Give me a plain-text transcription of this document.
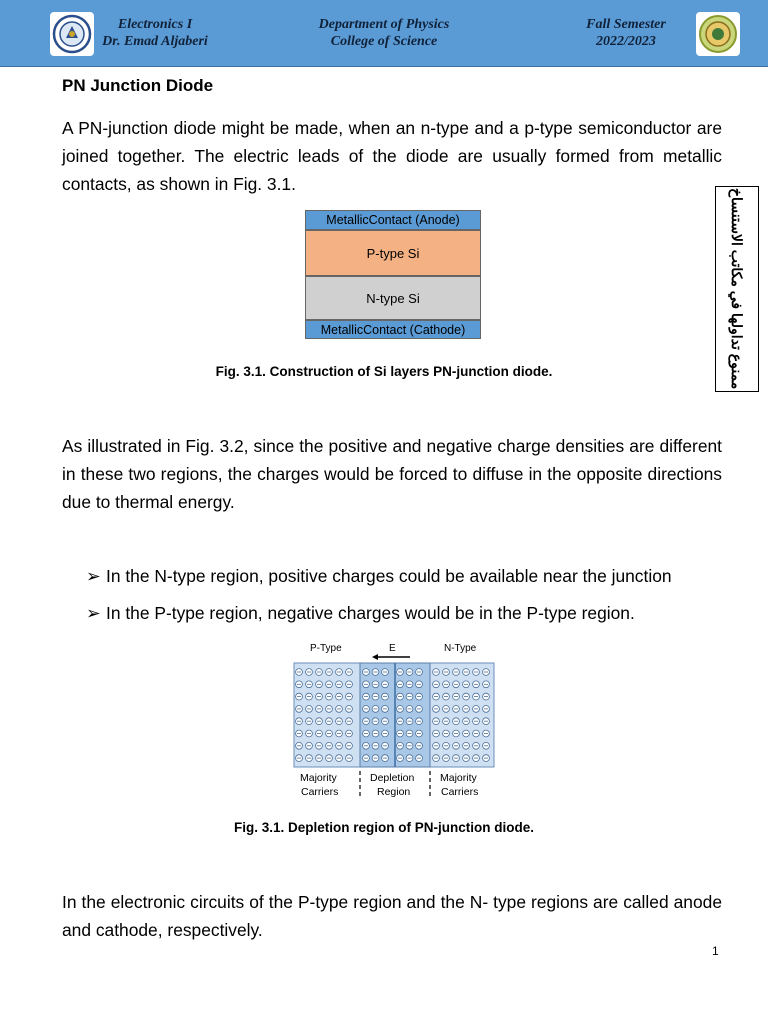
Electronics I
Dr. Emad Aljaberi
Department of Physics
College of Science
Fall Semester
2022/2023
PN Junction Diode
A PN-junction diode might be made, when an n-type and a p-type semiconductor are joined together. The electric leads of the diode are usually formed from metallic contacts, as shown in Fig. 3.1.
MetallicContact (Anode)
P-type Si
N-type Si
MetallicContact (Cathode)
Fig. 3.1. Construction of Si layers PN-junction diode.	ممنوع تداولها في مكاتب الاستنساخ
As illustrated in Fig. 3.2, since the positive and negative charge densities are different in these two regions, the charges would be forced to diffuse in the opposite directions due to thermal energy.
➢ In the N-type region, positive charges could be available near the junction
➢ In the P-type region, negative charges would be in the P-type region.
P-Type	E	N-Type
Majority
Carriers
Depletion
Region
Majority
Carriers
Fig. 3.1. Depletion region of PN-junction diode.
In the electronic circuits of the P-type region and the N- type regions are called anode and cathode, respectively.
1
